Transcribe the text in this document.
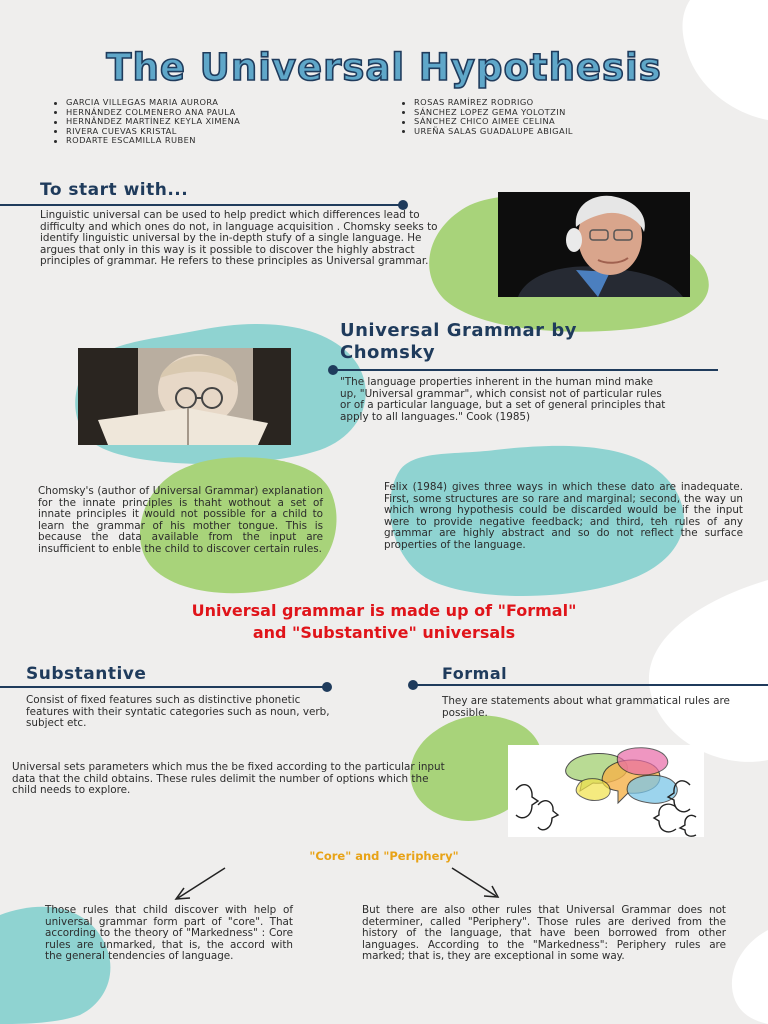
The Universal Hypothesis
GARCIA VILLEGAS MARIA AURORA
HERNÁNDEZ COLMENERO ANA PAULA
HERNÂNDEZ MARTÍNEZ KEYLA XIMENA
RIVERA CUEVAS KRISTAL
RODARTE ESCAMILLA RUBEN
ROSAS RAMÍREZ RODRIGO
SÁNCHEZ LOPEZ GEMA YOLOTZIN
SÁNCHEZ CHICO AIMEE CELINA
UREÑA SALAS GUADALUPE ABIGAIL
To start with...
Linguistic universal can be used to help predict which differences lead to difficulty and which ones do not, in language acquisition . Chomsky seeks to identify linguistic universal by the in-depth stufy of a single language. He argues that only in this way is it possible to discover the highly abstract principles of grammar. He refers to these principles as Universal grammar.
Universal Grammar by
Chomsky
"The language properties inherent in the human mind make up, "Universal grammar", which consist not of particular rules or of a particular language, but a set of general principles that apply to all languages." Cook (1985)
Chomsky's (author of Universal Grammar) explanation for the innate principles is thaht wothout a set of innate principles it would not possible for a child to learn the grammar of his mother tongue. This is because the data available from the input are insufficient to enble the child to discover certain rules.
Felix (1984) gives three ways in which these dato are inadequate. First, some structures are so rare and marginal; second, the way un which wrong hypothesis could be discarded would be if the input were to provide negative feedback; and third, teh rules of any grammar are highly abstract and so do not reflect the surface properties of the language.
Universal grammar is made up of "Formal"
and "Substantive" universals
Substantive
Consist of fixed features such as distinctive phonetic features with their syntatic categories such as noun, verb, subject etc.
Formal
They are statements about what grammatical rules are possible.
Universal sets parameters which mus the be fixed according to the particular input data that the child obtains. These rules delimit the number of options which the child needs to explore.
"Core" and "Periphery"
Those rules that child discover with help of universal grammar form part of "core". That according to the theory of "Markedness" : Core rules are unmarked, that is, the accord with the general tendencies of language.
But there are also other rules that Universal Grammar does not determiner, called "Periphery". Those rules are derived from the history of the language, that have been borrowed from other languages. According to the "Markedness": Periphery rules are marked; that is, they are exceptional in some way.
